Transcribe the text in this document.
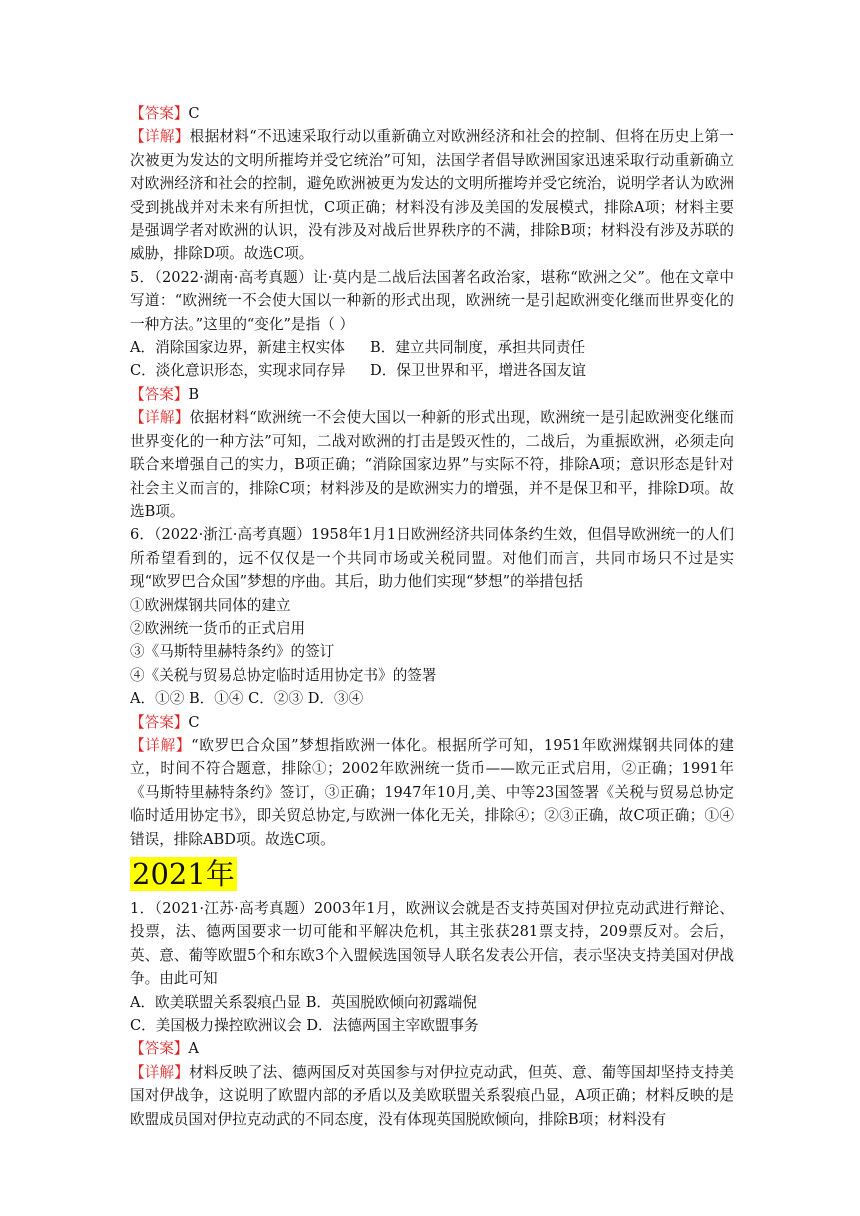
【答案】C

【详解】根据材料“不迅速采取行动以重新确立对欧洲经济和社会的控制、但将在历史上第一次被更为发达的文明所摧垮并受它统治”可知，法国学者倡导欧洲国家迅速采取行动重新确立对欧洲经济和社会的控制，避免欧洲被更为发达的文明所摧垮并受它统治，说明学者认为欧洲受到挑战并对未来有所担忧，C项正确；材料没有涉及美国的发展模式，排除A项；材料主要是强调学者对欧洲的认识，没有涉及对战后世界秩序的不满，排除B项；材料没有涉及苏联的威胁，排除D项。故选C项。

5．（2022·湖南·高考真题）让·莫内是二战后法国著名政治家，堪称“欧洲之父”。他在文章中写道：“欧洲统一不会使大国以一种新的形式出现，欧洲统一是引起欧洲变化继而世界变化的一种方法。”这里的“变化”是指（ ）

A．消除国家边界，新建主权实体 B．建立共同制度，承担共同责任

C．淡化意识形态，实现求同存异 D．保卫世界和平，增进各国友谊

【答案】B

【详解】依据材料“欧洲统一不会使大国以一种新的形式出现，欧洲统一是引起欧洲变化继而世界变化的一种方法”可知，二战对欧洲的打击是毁灭性的，二战后，为重振欧洲，必须走向联合来增强自己的实力，B项正确；“消除国家边界”与实际不符，排除A项；意识形态是针对社会主义而言的，排除C项；材料涉及的是欧洲实力的增强，并不是保卫和平，排除D项。故选B项。

6．（2022·浙江·高考真题）1958年1月1日欧洲经济共同体条约生效，但倡导欧洲统一的人们所希望看到的，远不仅仅是一个共同市场或关税同盟。对他们而言，共同市场只不过是实现“欧罗巴合众国”梦想的序曲。其后，助力他们实现“梦想”的举措包括

①欧洲煤钢共同体的建立

②欧洲统一货币的正式启用

③《马斯特里赫特条约》的签订

④《关税与贸易总协定临时适用协定书》的签署

A．①② B．①④ C．②③ D．③④

【答案】C

【详解】“欧罗巴合众国”梦想指欧洲一体化。根据所学可知，1951年欧洲煤钢共同体的建立，时间不符合题意，排除①；2002年欧洲统一货币——欧元正式启用，②正确；1991年《马斯特里赫特条约》签订，③正确；1947年10月,美、中等23国签署《关税与贸易总协定临时适用协定书》，即关贸总协定,与欧洲一体化无关，排除④；②③正确，故C项正确；①④错误，排除ABD项。故选C项。

2021年

1．（2021·江苏·高考真题）2003年1月，欧洲议会就是否支持英国对伊拉克动武进行辩论、投票，法、德两国要求一切可能和平解决危机，其主张获281票支持，209票反对。会后，英、意、葡等欧盟5个和东欧3个入盟候选国领导人联名发表公开信，表示坚决支持美国对伊战争。由此可知

A．欧美联盟关系裂痕凸显 B．英国脱欧倾向初露端倪

C．美国极力操控欧洲议会 D．法德两国主宰欧盟事务

【答案】A

【详解】材料反映了法、德两国反对英国参与对伊拉克动武，但英、意、葡等国却坚持支持美国对伊战争，这说明了欧盟内部的矛盾以及美欧联盟关系裂痕凸显，A项正确；材料反映的是欧盟成员国对伊拉克动武的不同态度，没有体现英国脱欧倾向，排除B项；材料没有
